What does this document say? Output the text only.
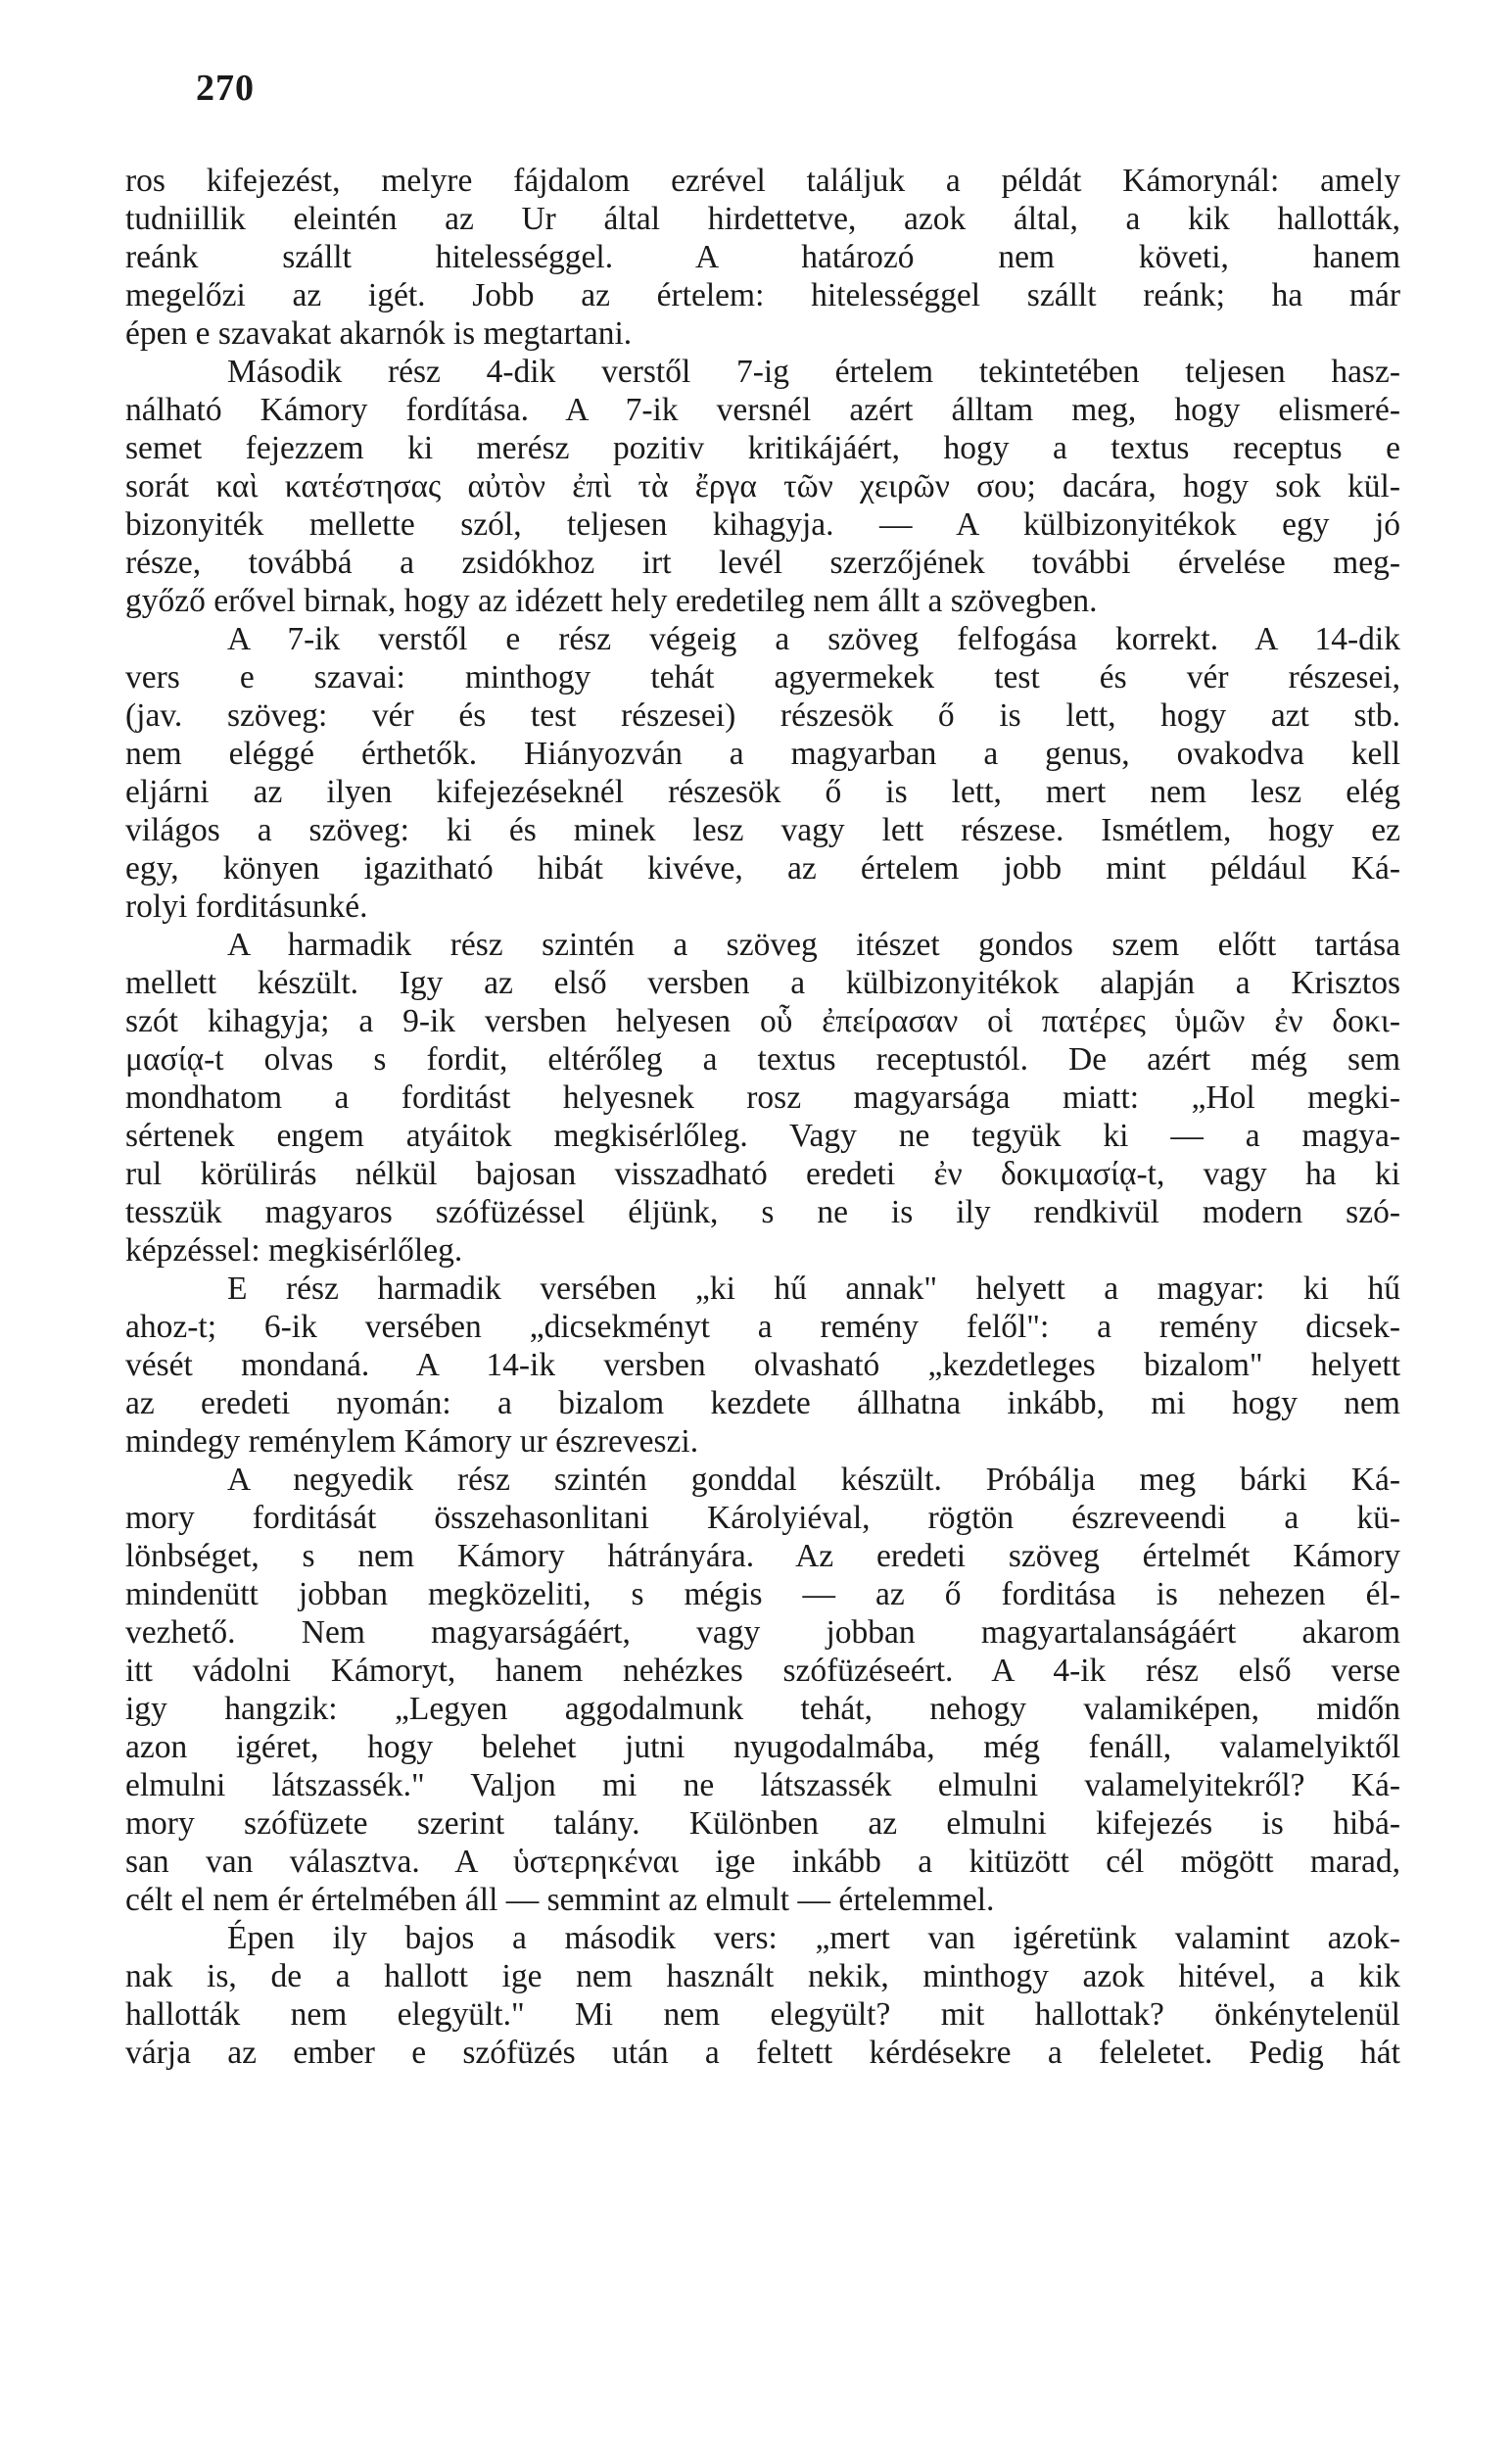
270
ros kifejezést, melyre fájdalom ezrével találjuk a példát Kámorynál: amely
tudniillik eleintén az Ur által hirdettetve, azok által, a kik hallották,
reánk szállt hitelességgel. A határozó nem követi, hanem
megelőzi az igét. Jobb az értelem: hitelességgel szállt reánk; ha már
épen e szavakat akarnók is megtartani.
Második rész 4-dik verstől 7-ig értelem tekintetében teljesen hasz-
nálható Kámory fordítása. A 7-ik versnél azért álltam meg, hogy elismeré-
semet fejezzem ki merész pozitiv kritikájáért, hogy a textus receptus e
sorát καὶ κατέστησας αὐτὸν ἐπὶ τὰ ἔργα τῶν χειρῶν σου; dacára, hogy sok kül-
bizonyiték mellette szól, teljesen kihagyja. — A külbizonyitékok egy jó
része, továbbá a zsidókhoz irt levél szerzőjének további érvelése meg-
győző erővel birnak, hogy az idézett hely eredetileg nem állt a szövegben.
A 7-ik verstől e rész végeig a szöveg felfogása korrekt. A 14-dik
vers e szavai: minthogy tehát agyermekek test és vér részesei,
(jav. szöveg: vér és test részesei) részesök ő is lett, hogy azt stb.
nem eléggé érthetők. Hiányozván a magyarban a genus, ovakodva kell
eljárni az ilyen kifejezéseknél részesök ő is lett, mert nem lesz elég
világos a szöveg: ki és minek lesz vagy lett részese. Ismétlem, hogy ez
egy, könyen igazitható hibát kivéve, az értelem jobb mint például Ká-
rolyi forditásunké.
A harmadik rész szintén a szöveg itészet gondos szem előtt tartása
mellett készült. Igy az első versben a külbizonyitékok alapján a Krisztos
szót kihagyja; a 9-ik versben helyesen οὗ ἐπείρασαν οἱ πατέρες ὑμῶν ἐν δοκι-
μασίᾳ-t olvas s fordit, eltérőleg a textus receptustól. De azért még sem
mondhatom a forditást helyesnek rosz magyarsága miatt: „Hol megki-
sértenek engem atyáitok megkisérlőleg. Vagy ne tegyük ki — a magya-
rul körülirás nélkül bajosan visszadható eredeti ἐν δοκιμασίᾳ-t, vagy ha ki
tesszük magyaros szófüzéssel éljünk, s ne is ily rendkivül modern szó-
képzéssel: megkisérlőleg.
E rész harmadik versében „ki hű annak" helyett a magyar: ki hű
ahoz-t; 6-ik versében „dicsekményt a remény felől": a remény dicsek-
vését mondaná. A 14-ik versben olvasható „kezdetleges bizalom" helyett
az eredeti nyomán: a bizalom kezdete állhatna inkább, mi hogy nem
mindegy reménylem Kámory ur észreveszi.
A negyedik rész szintén gonddal készült. Próbálja meg bárki Ká-
mory forditását összehasonlitani Károlyiéval, rögtön észreveendi a kü-
lönbséget, s nem Kámory hátrányára. Az eredeti szöveg értelmét Kámory
mindenütt jobban megközeliti, s mégis — az ő forditása is nehezen él-
vezhető. Nem magyarságáért, vagy jobban magyartalanságáért akarom
itt vádolni Kámoryt, hanem nehézkes szófüzéseért. A 4-ik rész első verse
igy hangzik: „Legyen aggodalmunk tehát, nehogy valamiképen, midőn
azon igéret, hogy belehet jutni nyugodalmába, még fenáll, valamelyiktől
elmulni látszassék." Valjon mi ne látszassék elmulni valamelyitekről? Ká-
mory szófüzete szerint talány. Különben az elmulni kifejezés is hibá-
san van választva. A ὑστερηκέναι ige inkább a kitüzött cél mögött marad,
célt el nem ér értelmében áll — semmint az elmult — értelemmel.
Épen ily bajos a második vers: „mert van igéretünk valamint azok-
nak is, de a hallott ige nem használt nekik, minthogy azok hitével, a kik
hallották nem elegyült." Mi nem elegyült? mit hallottak? önkénytelenül
várja az ember e szófüzés után a feltett kérdésekre a feleletet. Pedig hát
